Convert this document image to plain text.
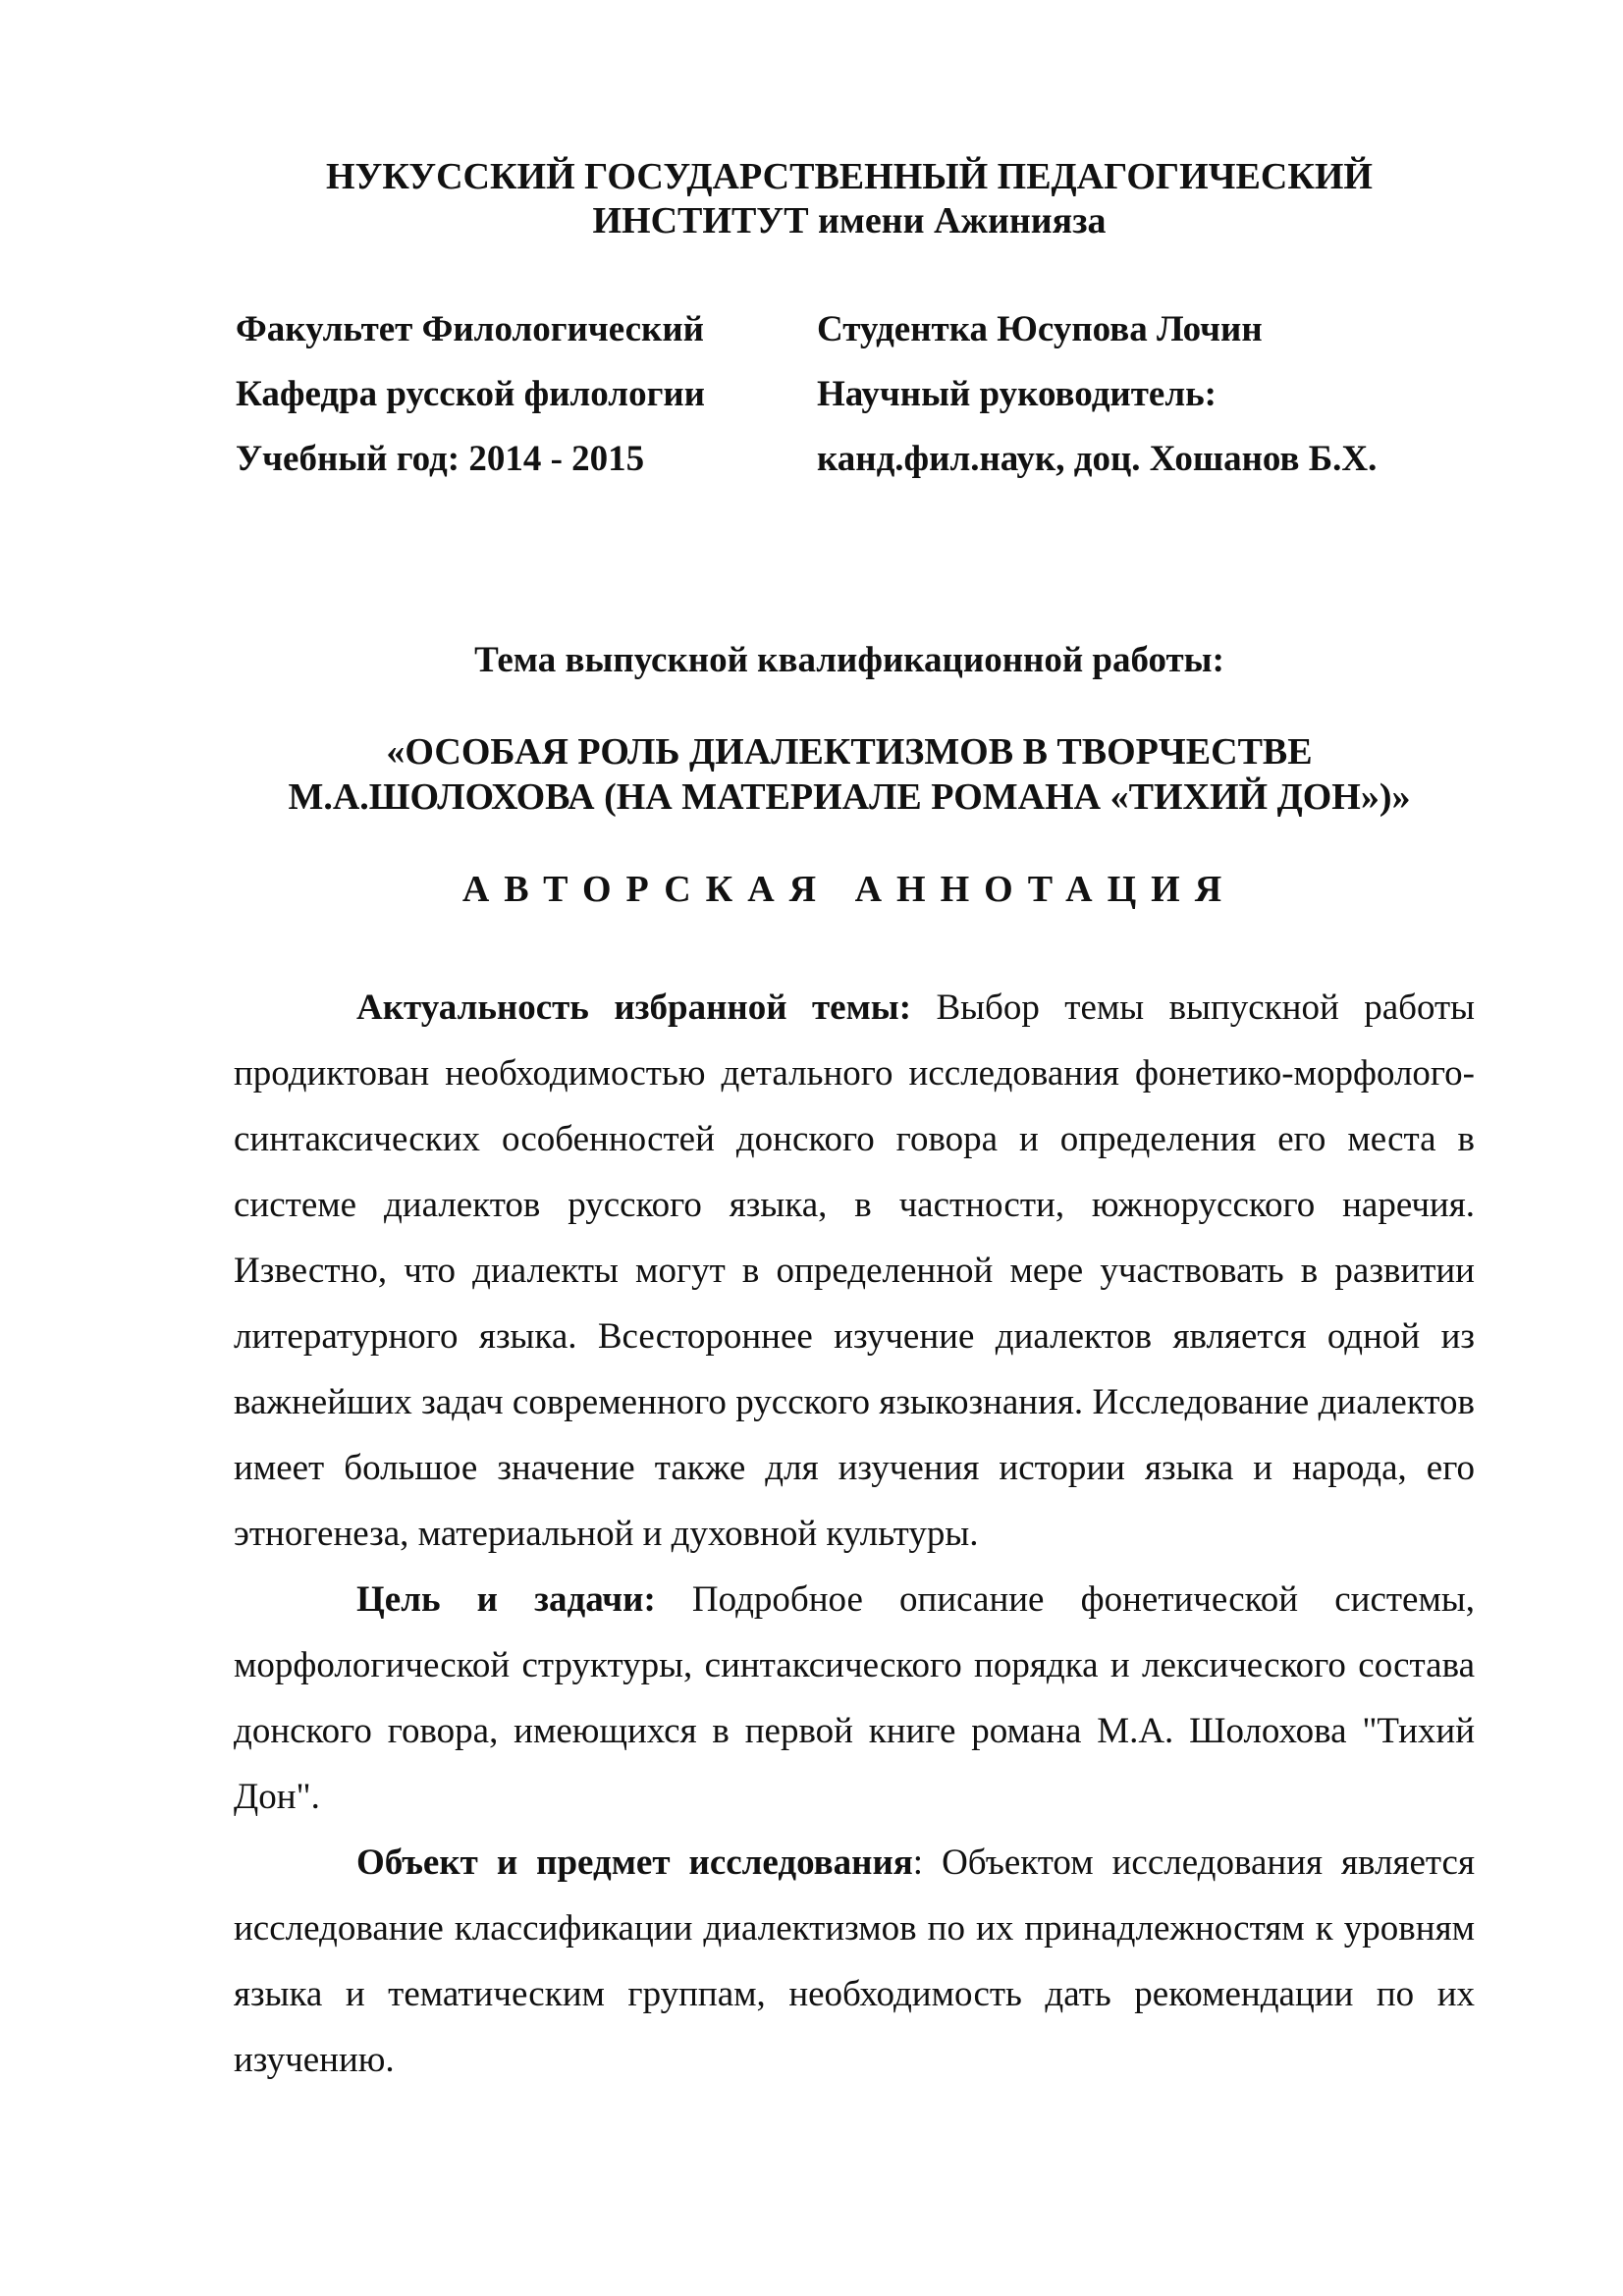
НУКУССКИЙ ГОСУДАРСТВЕННЫЙ ПЕДАГОГИЧЕСКИЙ
ИНСТИТУТ имени Ажинияза
Факультет Филологический	Студентка Юсупова Лочин
Кафедра русской филологии	Научный руководитель:
Учебный год: 2014 - 2015	канд.фил.наук, доц. Хошанов Б.Х.
Тема выпускной квалификационной работы:
«ОСОБАЯ РОЛЬ ДИАЛЕКТИЗМОВ В ТВОРЧЕСТВЕ
М.А.ШОЛОХОВА (НА МАТЕРИАЛЕ РОМАНА «ТИХИЙ ДОН»)»
АВТОРСКАЯ АННОТАЦИЯ

Актуальность избранной темы: Выбор темы выпускной работы продиктован необходимостью детального исследования фонетико-морфолого-синтаксических особенностей донского говора и определения его места в системе диалектов русского языка, в частности, южнорусского наречия. Известно, что диалекты могут в определенной мере участвовать в развитии литературного языка. Всестороннее изучение диалектов является одной из важнейших задач современного русского языкознания. Исследование диалектов имеет большое значение также для изучения истории языка и народа, его этногенеза, материальной и духовной культуры.

Цель и задачи: Подробное описание фонетической системы, морфологической структуры, синтаксического порядка и лексического состава донского говора, имеющихся в первой книге романа М.А. Шолохова "Тихий Дон".

Объект и предмет исследования: Объектом исследования является исследование классификации диалектизмов по их принадлежностям к уровням языка и тематическим группам, необходимость дать рекомендации по их изучению.
